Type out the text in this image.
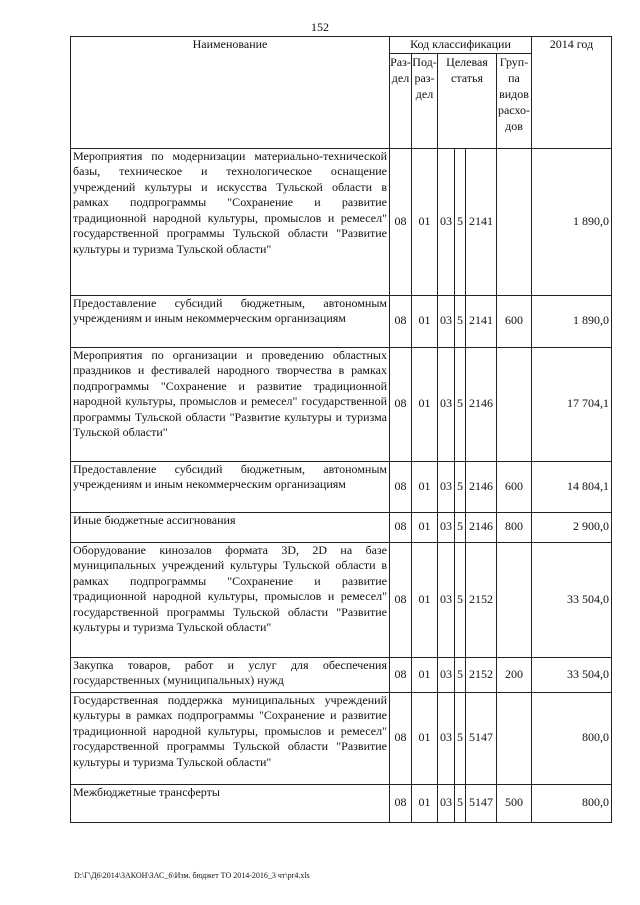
152
Наименование	Код классификации						2014 год
	Раз-дел	Под-раз-дел	Целевая статья			Груп-па видов расхо-дов	
Мероприятия по модернизации материально-технической базы, техническое и технологическое оснащение учреждений культуры и искусства Тульской области в рамках подпрограммы "Сохранение и развитие традиционной народной культуры, промыслов и ремесел" государственной программы Тульской области "Развитие культуры и туризма Тульской области"	08	01	03	5	2141		1 890,0
Предоставление субсидий бюджетным, автономным учреждениям и иным некоммерческим организациям	08	01	03	5	2141	600	1 890,0
Мероприятия по организации и проведению областных праздников и фестивалей народного творчества в рамках подпрограммы "Сохранение и развитие традиционной народной культуры, промыслов и ремесел" государственной программы Тульской области "Развитие культуры и туризма Тульской области"	08	01	03	5	2146		17 704,1
Предоставление субсидий бюджетным, автономным учреждениям и иным некоммерческим организациям	08	01	03	5	2146	600	14 804,1
Иные бюджетные ассигнования	08	01	03	5	2146	800	2 900,0
Оборудование кинозалов формата 3D, 2D на базе муниципальных учреждений культуры Тульской области в рамках подпрограммы "Сохранение и развитие традиционной народной культуры, промыслов и ремесел" государственной программы Тульской области "Развитие культуры и туризма Тульской области"	08	01	03	5	2152		33 504,0
Закупка товаров, работ и услуг для обеспечения государственных (муниципальных) нужд	08	01	03	5	2152	200	33 504,0
Государственная поддержка муниципальных учреждений культуры в рамках подпрограммы "Сохранение и развитие традиционной народной культуры, промыслов и ремесел" государственной программы Тульской области "Развитие культуры и туризма Тульской области"	08	01	03	5	5147		800,0
Межбюджетные трансферты	08	01	03	5	5147	500	800,0
D:\Г\Д6\2014\ЗАКОН\ЗАС_6\Изм. бюджет ТО 2014-2016_3 чт\pr4.xls
